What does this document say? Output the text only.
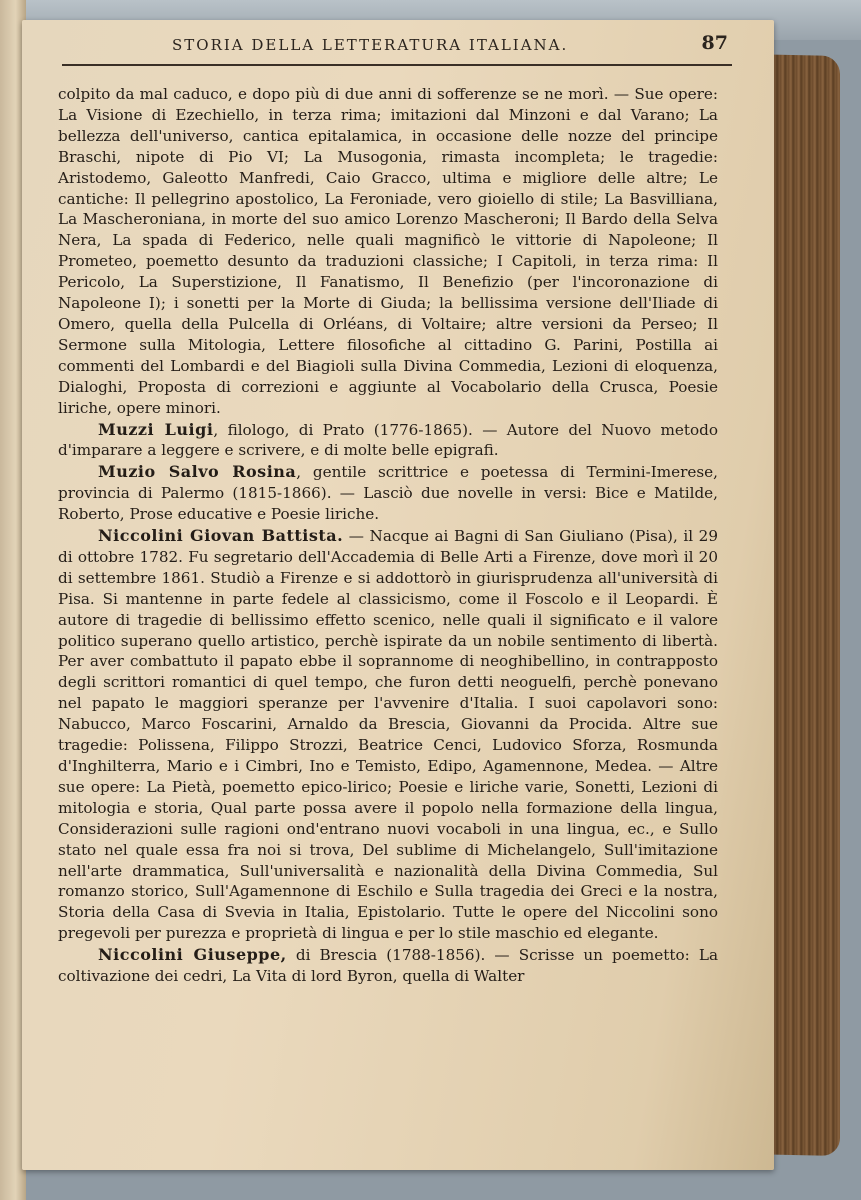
STORIA DELLA LETTERATURA ITALIANA.	87

colpito da mal caduco, e dopo più di due anni di sofferenze se ne morì. — Sue opere: La Visione di Ezechiello, in terza rima; imitazioni dal Minzoni e dal Varano; La bellezza dell'universo, cantica epitalamica, in occasione delle nozze del principe Braschi, nipote di Pio VI; La Musogonia, rimasta incompleta; le tragedie: Aristodemo, Galeotto Manfredi, Caio Gracco, ultima e migliore delle altre; Le cantiche: Il pellegrino apostolico, La Feroniade, vero gioiello di stile; La Basvilliana, La Mascheroniana, in morte del suo amico Lorenzo Mascheroni; Il Bardo della Selva Nera, La spada di Federico, nelle quali magnificò le vittorie di Napoleone; Il Prometeo, poemetto desunto da traduzioni classiche; I Capitoli, in terza rima: Il Pericolo, La Superstizione, Il Fanatismo, Il Benefizio (per l'incoronazione di Napoleone I); i sonetti per la Morte di Giuda; la bellissima versione dell'Iliade di Omero, quella della Pulcella di Orléans, di Voltaire; altre versioni da Perseo; Il Sermone sulla Mitologia, Lettere filosofiche al cittadino G. Parini, Postilla ai commenti del Lombardi e del Biagioli sulla Divina Commedia, Lezioni di eloquenza, Dialoghi, Proposta di correzioni e aggiunte al Vocabolario della Crusca, Poesie liriche, opere minori.

Muzzi Luigi, filologo, di Prato (1776-1865). — Autore del Nuovo metodo d'imparare a leggere e scrivere, e di molte belle epigrafi.

Muzio Salvo Rosina, gentile scrittrice e poetessa di Termini-Imerese, provincia di Palermo (1815-1866). — Lasciò due novelle in versi: Bice e Matilde, Roberto, Prose educative e Poesie liriche.

Niccolini Giovan Battista. — Nacque ai Bagni di San Giuliano (Pisa), il 29 di ottobre 1782. Fu segretario dell'Accademia di Belle Arti a Firenze, dove morì il 20 di settembre 1861. Studiò a Firenze e si addottorò in giurisprudenza all'università di Pisa. Si mantenne in parte fedele al classicismo, come il Foscolo e il Leopardi. È autore di tragedie di bellissimo effetto scenico, nelle quali il significato e il valore politico superano quello artistico, perchè ispirate da un nobile sentimento di libertà. Per aver combattuto il papato ebbe il soprannome di neoghibellino, in contrapposto degli scrittori romantici di quel tempo, che furon detti neoguelfi, perchè ponevano nel papato le maggiori speranze per l'avvenire d'Italia. I suoi capolavori sono: Nabucco, Marco Foscarini, Arnaldo da Brescia, Giovanni da Procida. Altre sue tragedie: Polissena, Filippo Strozzi, Beatrice Cenci, Ludovico Sforza, Rosmunda d'Inghilterra, Mario e i Cimbri, Ino e Temisto, Edipo, Agamennone, Medea. — Altre sue opere: La Pietà, poemetto epico-lirico; Poesie e liriche varie, Sonetti, Lezioni di mitologia e storia, Qual parte possa avere il popolo nella formazione della lingua, Considerazioni sulle ragioni ond'entrano nuovi vocaboli in una lingua, ec., e Sullo stato nel quale essa fra noi si trova, Del sublime di Michelangelo, Sull'imitazione nell'arte drammatica, Sull'universalità e nazionalità della Divina Commedia, Sul romanzo storico, Sull'Agamennone di Eschilo e Sulla tragedia dei Greci e la nostra, Storia della Casa di Svevia in Italia, Epistolario. Tutte le opere del Niccolini sono pregevoli per purezza e proprietà di lingua e per lo stile maschio ed elegante.

Niccolini Giuseppe, di Brescia (1788-1856). — Scrisse un poemetto: La coltivazione dei cedri, La Vita di lord Byron, quella di Walter
